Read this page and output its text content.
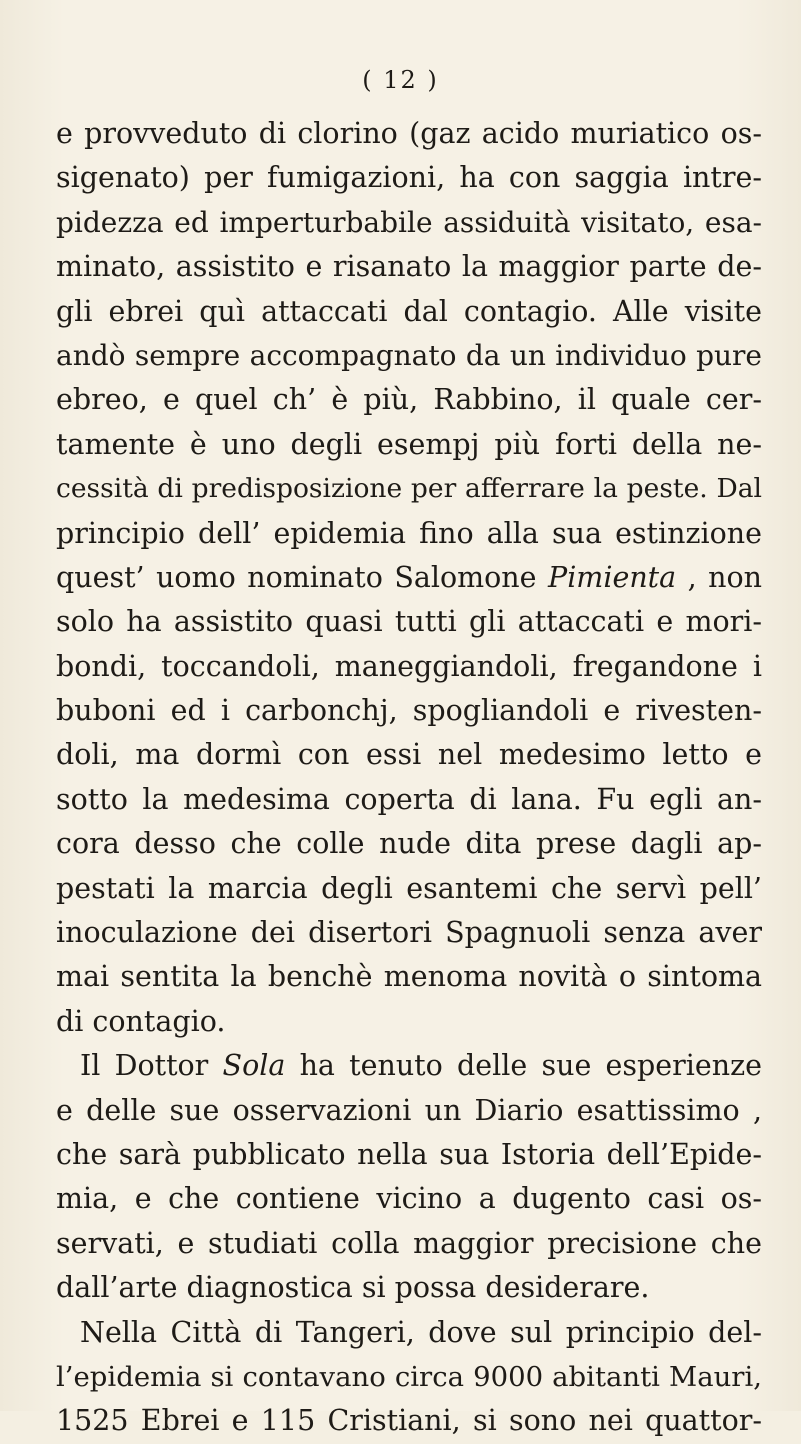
( 12 )
e provveduto di clorino (gaz acido muriatico os-
sigenato) per fumigazioni, ha con saggia intre-
pidezza ed imperturbabile assiduità visitato, esa-
minato, assistito e risanato la maggior parte de-
gli ebrei quì attaccati dal contagio. Alle visite
andò sempre accompagnato da un individuo pure
ebreo, e quel ch’ è più, Rabbino, il quale cer-
tamente è uno degli esempj più forti della ne-
cessità di predisposizione per afferrare la peste. Dal
principio dell’ epidemia fino alla sua estinzione
quest’ uomo nominato Salomone Pimienta , non
solo ha assistito quasi tutti gli attaccati e mori-
bondi, toccandoli, maneggiandoli, fregandone i
buboni ed i carbonchj, spogliandoli e rivesten-
doli, ma dormì con essi nel medesimo letto e
sotto la medesima coperta di lana. Fu egli an-
cora desso che colle nude dita prese dagli ap-
pestati la marcia degli esantemi che servì pell’
inoculazione dei disertori Spagnuoli senza aver
mai sentita la benchè menoma novità o sintoma
di contagio.
Il Dottor Sola ha tenuto delle sue esperienze
e delle sue osservazioni un Diario esattissimo ,
che sarà pubblicato nella sua Istoria dell’Epide-
mia, e che contiene vicino a dugento casi os-
servati, e studiati colla maggior precisione che
dall’arte diagnostica si possa desiderare.
Nella Città di Tangeri, dove sul principio del-
l’epidemia si contavano circa 9000 abitanti Mauri,
1525 Ebrei e 115 Cristiani, si sono nei quattor-
